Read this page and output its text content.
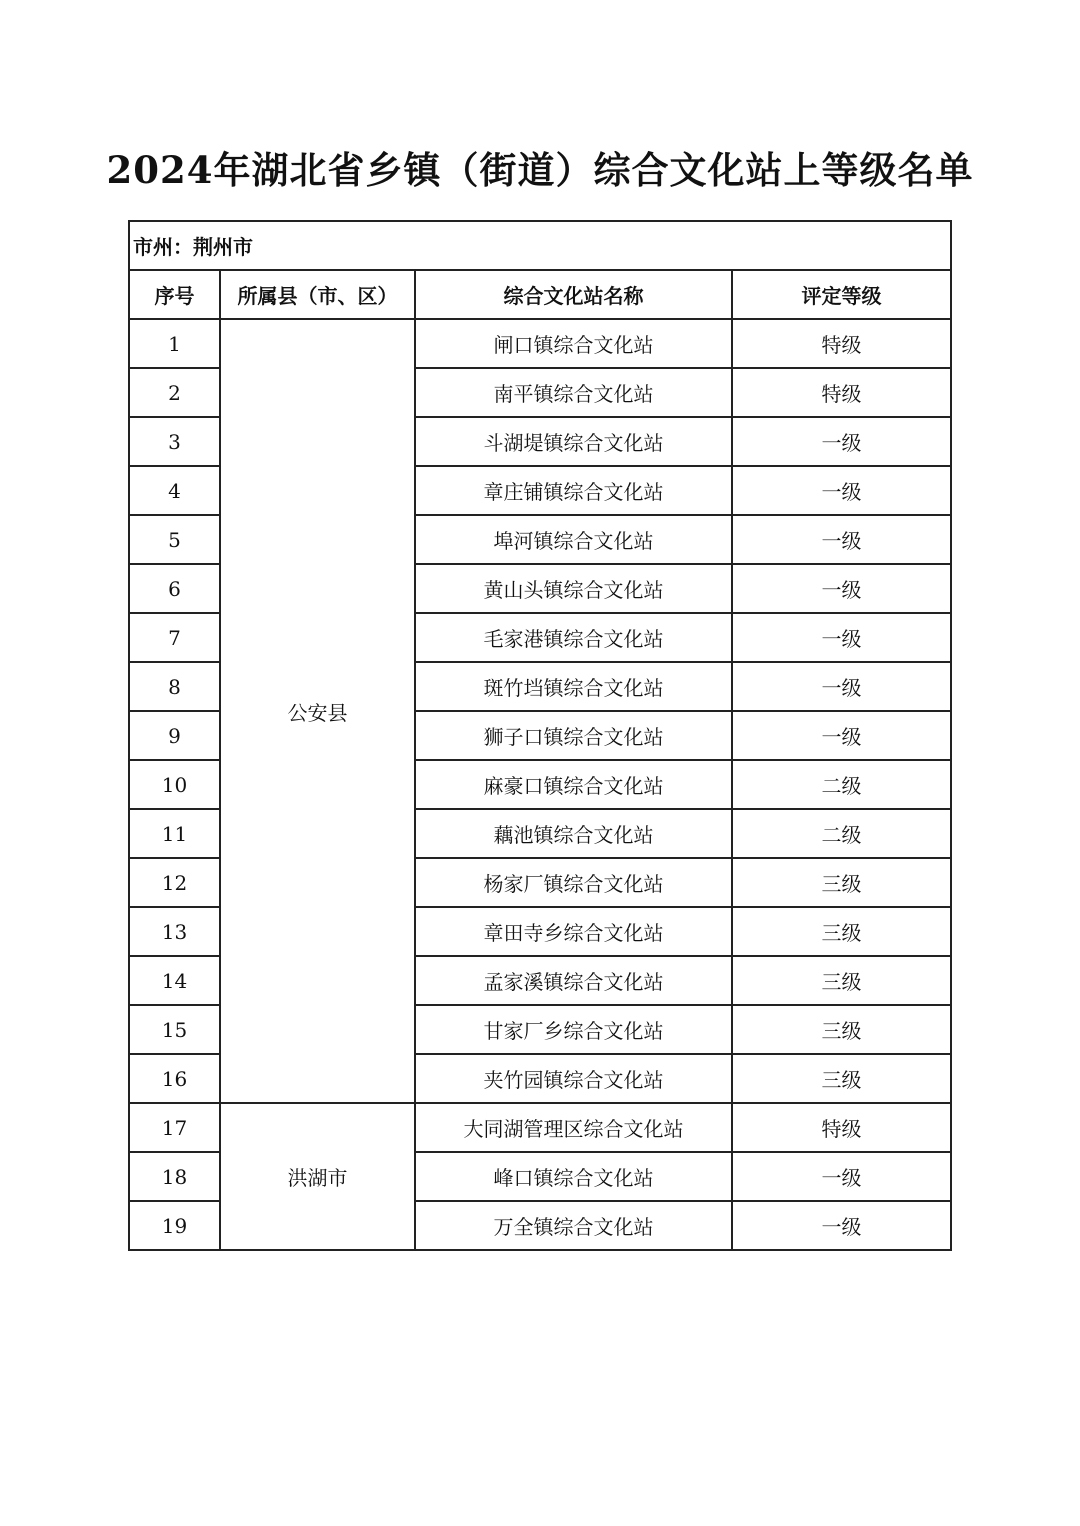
2024年湖北省乡镇（街道）综合文化站上等级名单
市州：荆州市			
序号	所属县（市、区）	综合文化站名称	评定等级
1	公安县	闸口镇综合文化站	特级
2		南平镇综合文化站	特级
3		斗湖堤镇综合文化站	一级
4		章庄铺镇综合文化站	一级
5		埠河镇综合文化站	一级
6		黄山头镇综合文化站	一级
7		毛家港镇综合文化站	一级
8		斑竹垱镇综合文化站	一级
9		狮子口镇综合文化站	一级
10		麻豪口镇综合文化站	二级
11		藕池镇综合文化站	二级
12		杨家厂镇综合文化站	三级
13		章田寺乡综合文化站	三级
14		孟家溪镇综合文化站	三级
15		甘家厂乡综合文化站	三级
16		夹竹园镇综合文化站	三级
17	洪湖市	大同湖管理区综合文化站	特级
18		峰口镇综合文化站	一级
19		万全镇综合文化站	一级
